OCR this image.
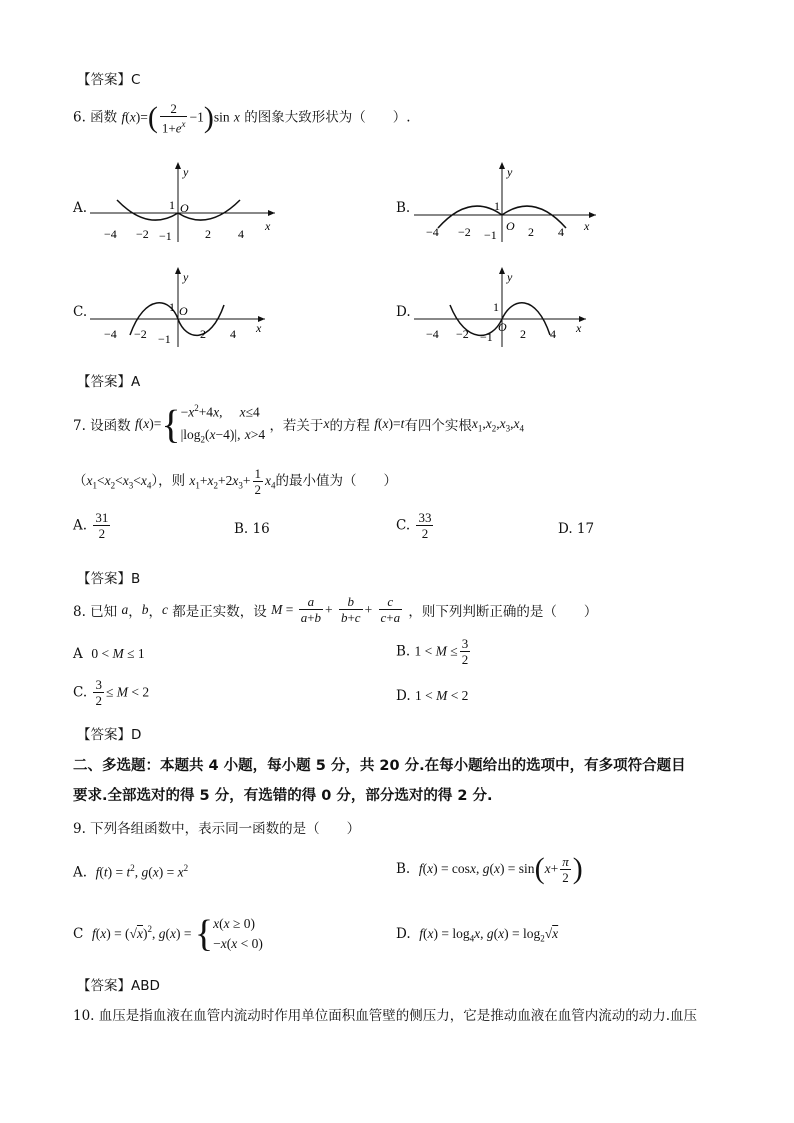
【答案】C
6. 函数 $f(x)=( \frac{2}{1+e^x} -1)\sin$ x 的图象大致形状为（　　）.
A.	B.
C.	D.
y
x
1 O
−4 −2 −1	2 4
y
x
1
O
−4 −2 −1	2 4
y
x
1 O
−4 −2 −1 2 4
y
x
1
O
−4 −2 −1 2 4
【答案】A
7. 设函数 $f(x)=\{ -x^2+4x$, x≤4
$|\log_2(x-4)|$, x>4 ，若关于x的方程 f(x)=t有四个实根$x_1,x_2,x_3,x_4$
$(x_1<x_2<x_3<x_4)$，则 $x_1+x_2+2x_3+ \frac{1}{2} x_4$的最小值为（　　）
A. $\frac{31}{2}$	B. 16	C. $\frac{33}{2}$	D. 17
【答案】B
8. 已知 a，b，c 都是正实数，设 $M = \frac{a}{a+b} + \frac{b}{b+c} + \frac{c}{c+a}$ ，则下列判断正确的是（　　）
A 0 < M ≤ 1	B. $1 < M \le \frac{3}{2}$
C. $\frac{3}{2} \le M < 2$	D. 1 < M < 2
【答案】D
二、多选题：本题共 4 小题，每小题 5 分，共 20 分.在每小题给出的选项中，有多项符合题目
要求.全部选对的得 5 分，有选错的得 0 分，部分选对的得 2 分.
9. 下列各组函数中，表示同一函数的是（　　）
A. $f(t) = t^2$, $g(x) = x^2$	B. f(x) = cosx, $g(x) = \sin(x+ \frac{\pi}{2}$ )
C $f(x) = (√x)^2$, g(x) = { x(x ≥ 0)
−x(x < 0)
D. $f(x) = \log_4x$, $g(x) = \log_2√x$
【答案】ABD
10. 血压是指血液在血管内流动时作用单位面积血管壁的侧压力，它是推动血液在血管内流动的动力.血压
